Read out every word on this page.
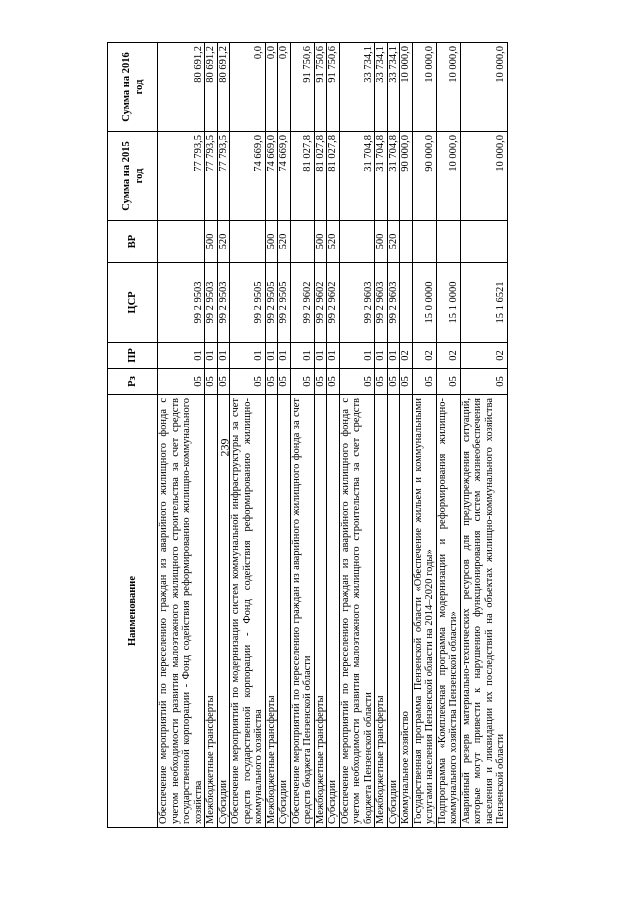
239
Наименование	Рз	ПР	ЦСР	ВР	Сумма на 2015 год	Сумма на 2016 год
Обеспечение мероприятий по переселению граждан из аварийного жилищного фонда с учетом необходимости развития малоэтажного жилищного строительства за счет средств государственной корпорации - Фонд содействия реформированию жилищно-коммунального хозяйства	05	01	99 2 9503		77 793,5	80 691,2
Межбюджетные трансферты	05	01	99 2 9503	500	77 793,5	80 691,2
Субсидии	05	01	99 2 9503	520	77 793,5	80 691,2
Обеспечение мероприятий по модернизации систем коммунальной инфраструктуры за счет средств государственной корпорации - Фонд содействия реформированию жилищно-коммунального хозяйства	05	01	99 2 9505		74 669,0	0,0
Межбюджетные трансферты	05	01	99 2 9505	500	74 669,0	0,0
Субсидии	05	01	99 2 9505	520	74 669,0	0,0
Обеспечение мероприятий по переселению граждан из аварийного жилищного фонда за счет средств бюджета Пензенской области	05	01	99 2 9602		81 027,8	91 750,6
Межбюджетные трансферты	05	01	99 2 9602	500	81 027,8	91 750,6
Субсидии	05	01	99 2 9602	520	81 027,8	91 750,6
Обеспечение мероприятий по переселению граждан из аварийного жилищного фонда с учетом необходимости развития малоэтажного жилищного строительства за счет средств бюджета Пензенской области	05	01	99 2 9603		31 704,8	33 734,1
Межбюджетные трансферты	05	01	99 2 9603	500	31 704,8	33 734,1
Субсидии	05	01	99 2 9603	520	31 704,8	33 734,1
Коммунальное хозяйство	05	02			90 000,0	10 000,0
Государственная программа Пензенской области «Обеспечение жильем и коммунальными услугами населения Пензенской области на 2014–2020 годы»	05	02	15 0 0000		90 000,0	10 000,0
Подпрограмма «Комплексная программа модернизации и реформирования жилищно-коммунального хозяйства Пензенской области»	05	02	15 1 0000		10 000,0	10 000,0
Аварийный резерв материально-технических ресурсов для предупреждения ситуаций, которые могут привести к нарушению функционирования систем жизнеобеспечения населения и ликвидации их последствий на объектах жилищно-коммунального хозяйства Пензенской области	05	02	15 1 6521		10 000,0	10 000,0
